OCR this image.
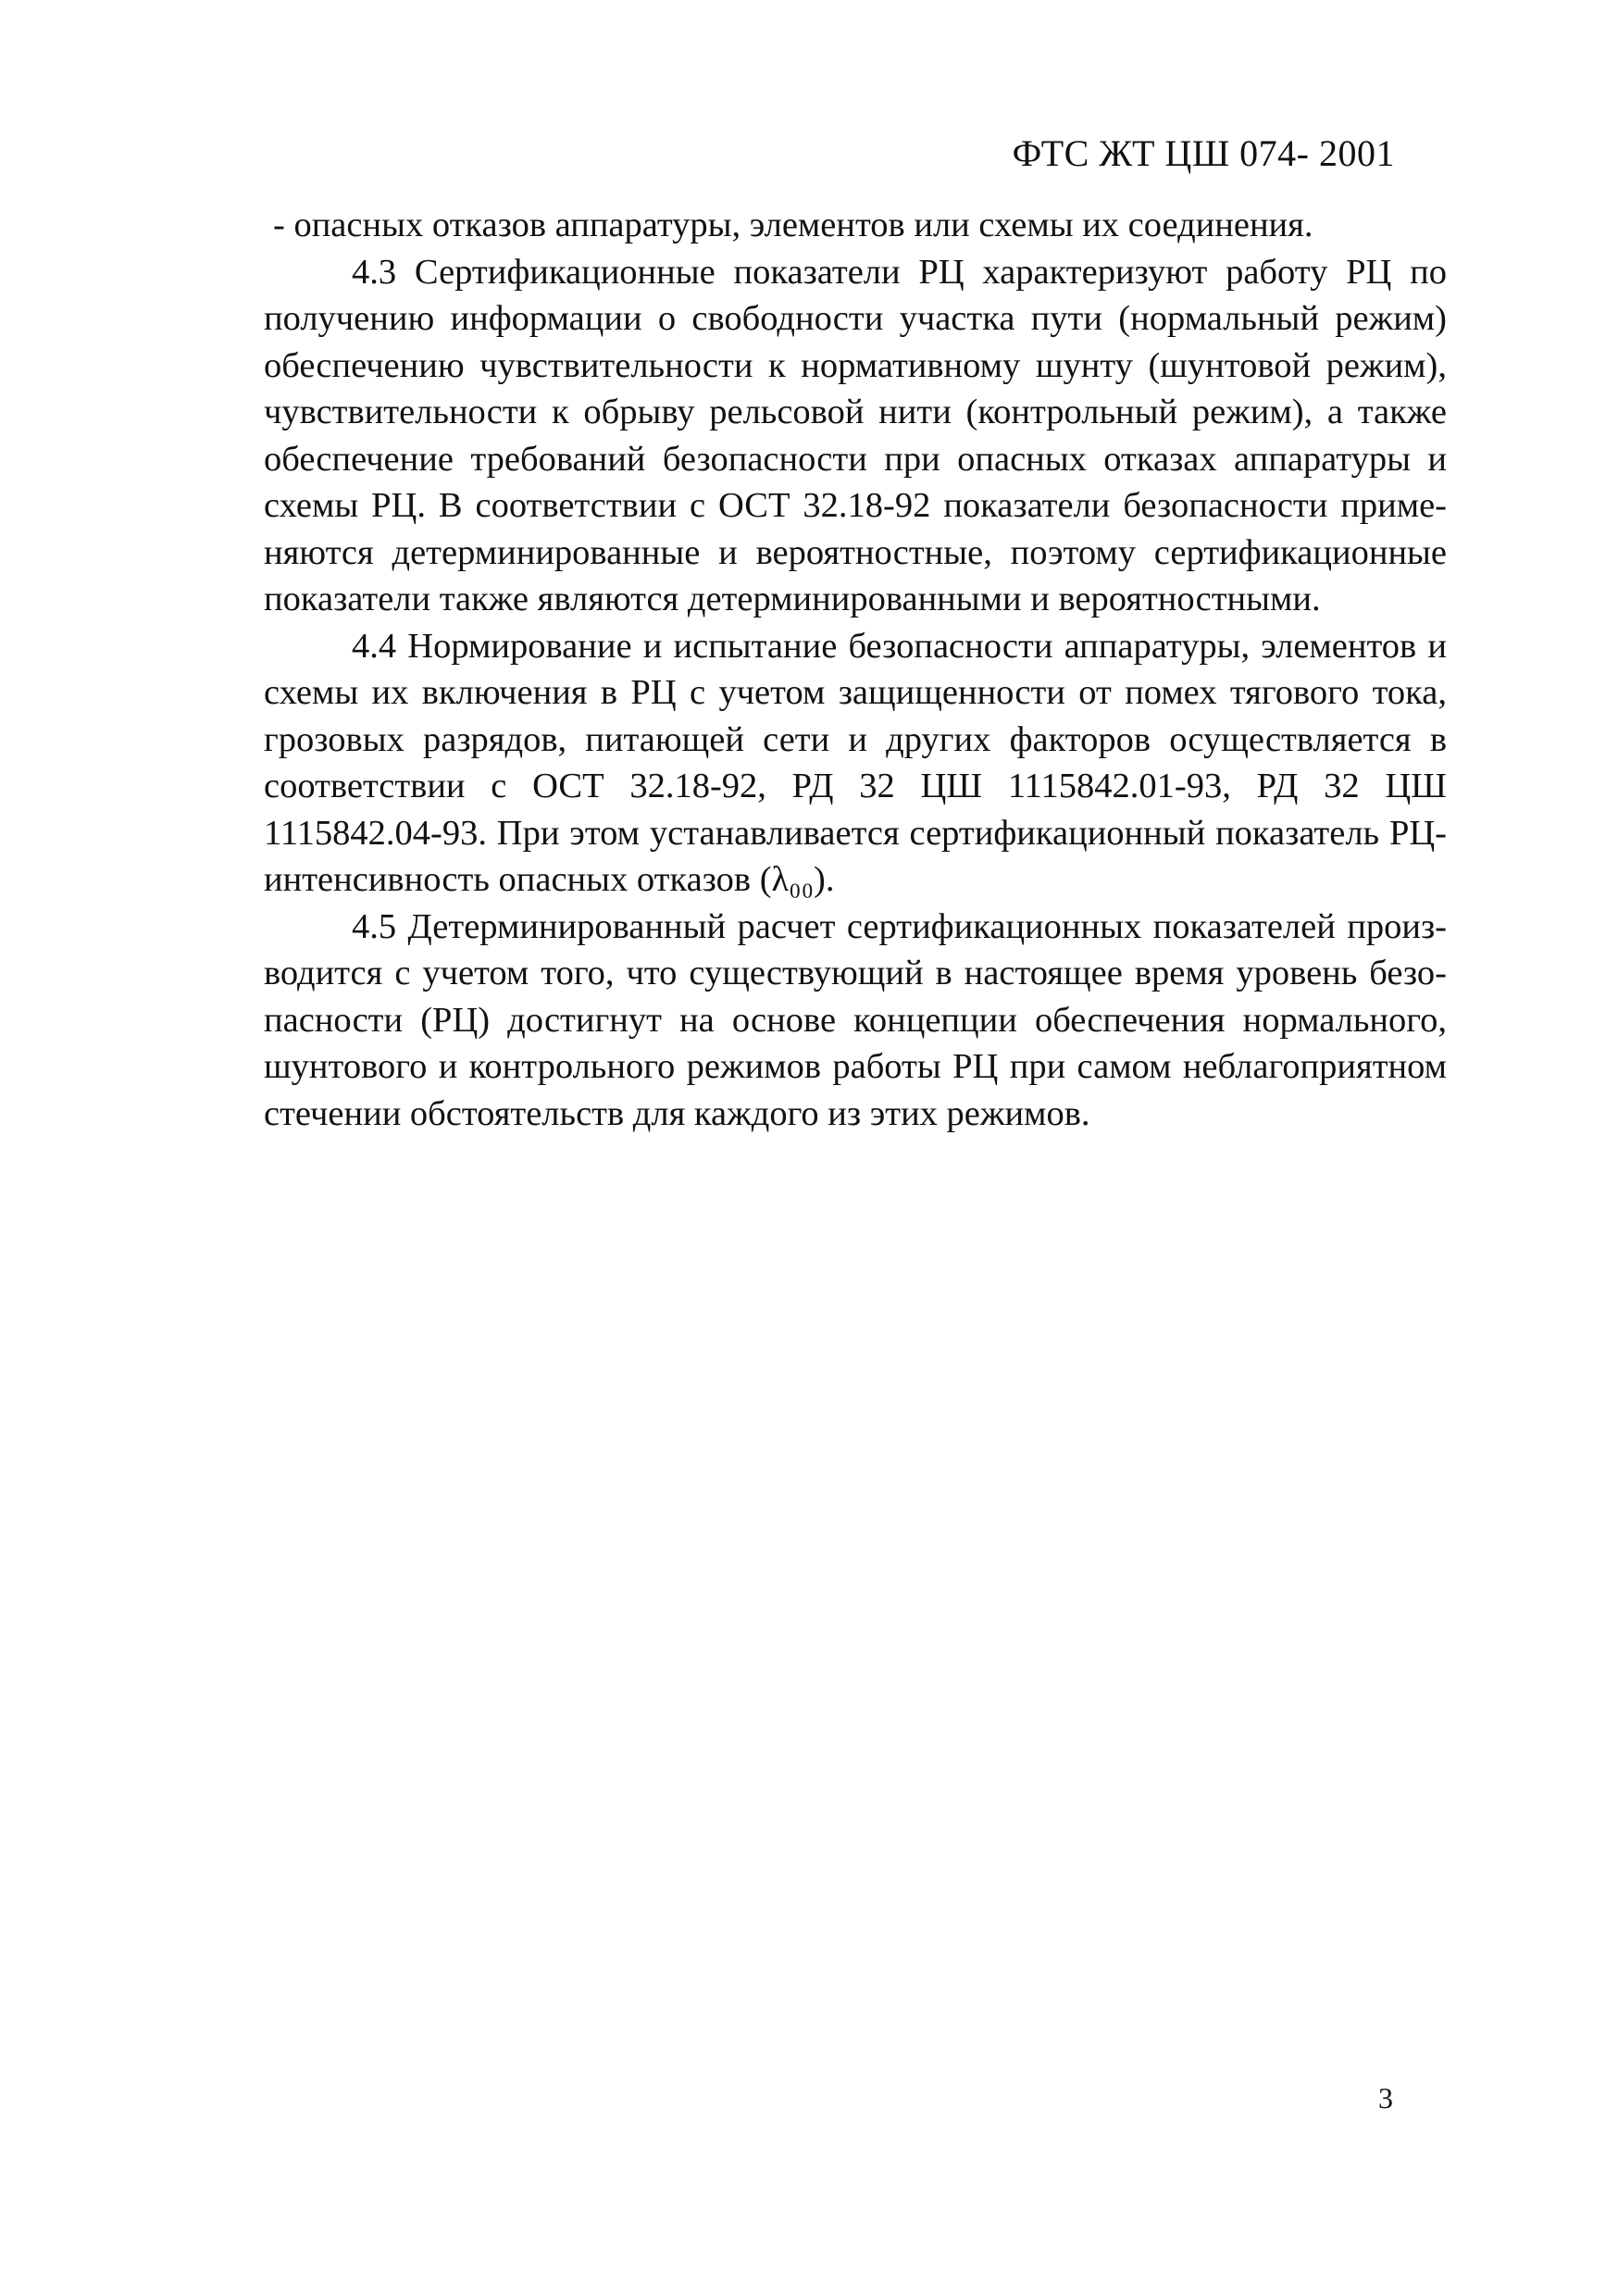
ФТС ЖТ ЦШ 074- 2001
- опасных отказов аппаратуры, элементов или схемы их соединения.
4.3 Сертификационные показатели РЦ характеризуют работу РЦ по
получению информации о свободности участка пути (нормальный режим)
обеспечению чувствительности к нормативному шунту (шунтовой режим),
чувствительности к обрыву рельсовой нити (контрольный режим), а также
обеспечение требований безопасности при опасных отказах аппаратуры и
схемы РЦ. В соответствии с ОСТ 32.18-92 показатели безопасности приме-
няются детерминированные и вероятностные, поэтому сертификационные
показатели также являются детерминированными и вероятностными.
4.4 Нормирование и испытание безопасности аппаратуры, элементов и
схемы их включения в РЦ с учетом защищенности от помех тягового тока,
грозовых разрядов, питающей сети и других факторов осуществляется в
соответствии с ОСТ 32.18-92, РД 32 ЦШ 1115842.01-93, РД 32 ЦШ
1115842.04-93. При этом устанавливается сертификационный показатель РЦ-
интенсивность опасных отказов (λ₀₀).
4.5 Детерминированный расчет сертификационных показателей произ-
водится с учетом того, что существующий в настоящее время уровень безо-
пасности (РЦ) достигнут на основе концепции обеспечения нормального,
шунтового и контрольного режимов работы РЦ при самом неблагоприятном
стечении обстоятельств для каждого из этих режимов.
3
